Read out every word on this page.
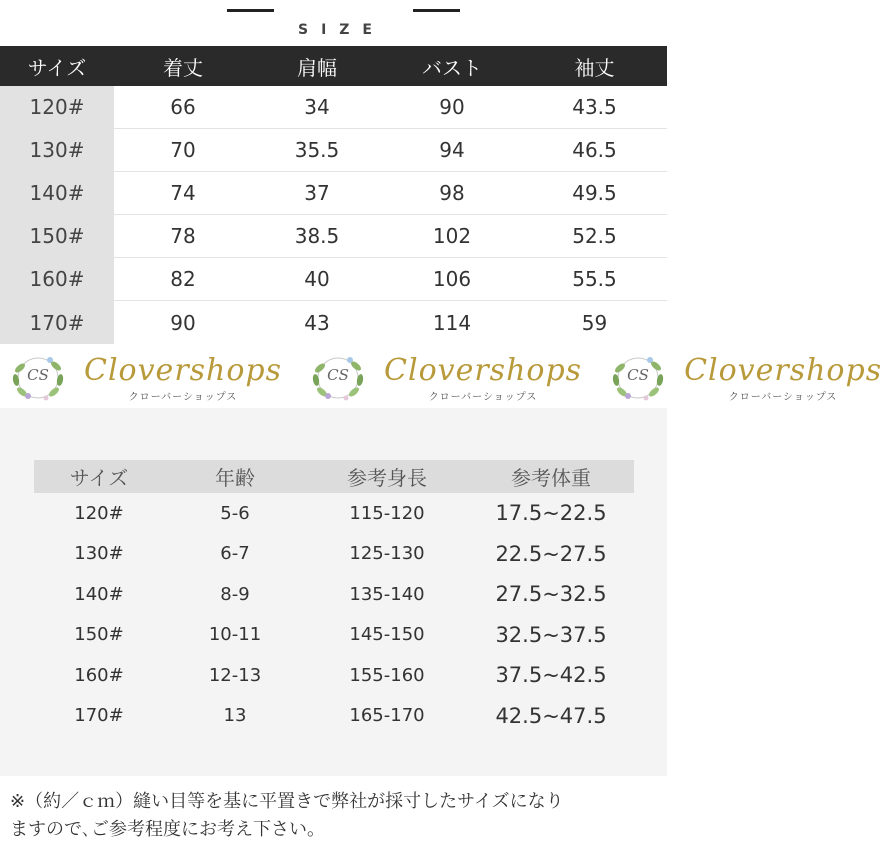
SIZE
サイズ	着丈	肩幅	バスト	袖丈
120#	66	34	90	43.5
130#	70	35.5	94	46.5
140#	74	37	98	49.5
150#	78	38.5	102	52.5
160#	82	40	106	55.5
170#	90	43	114	59
CS	Clovershops
クローバーショップス
CS	Clovershops
クローバーショップス
CS	Clovershops
クローバーショップス
サイズ	年齢	参考身長	参考体重
120#	5-6	115-120	17.5~22.5
130#	6-7	125-130	22.5~27.5
140#	8-9	135-140	27.5~32.5
150#	10-11	145-150	32.5~37.5
160#	12-13	155-160	37.5~42.5
170#	13	165-170	42.5~47.5
※（約／ｃｍ）縫い目等を基に平置きで弊社が採寸したサイズになり
ますので､ご参考程度にお考え下さい。
